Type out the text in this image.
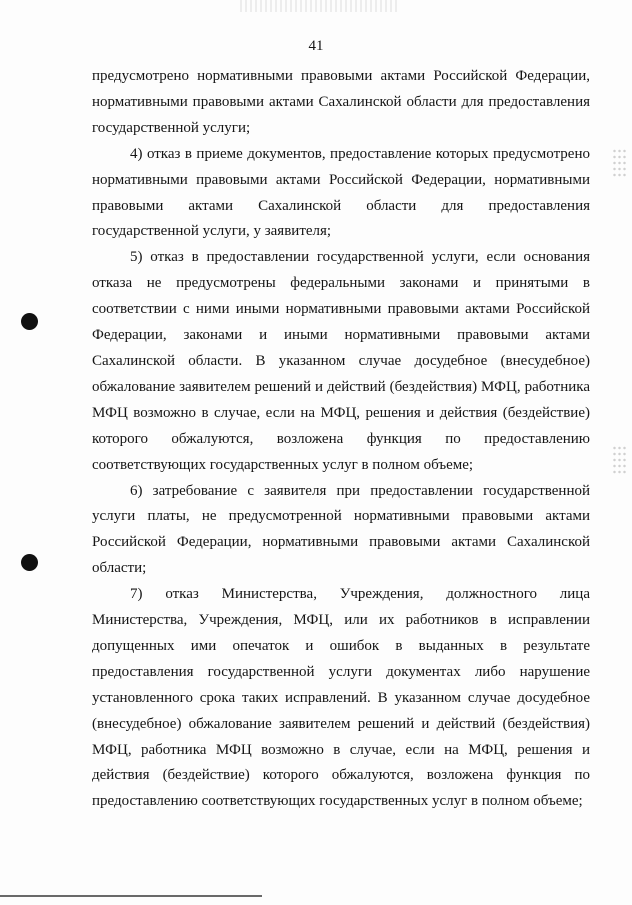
41

предусмотрено нормативными правовыми актами Российской Федерации, нормативными правовыми актами Сахалинской области для предоставления государственной услуги;

4) отказ в приеме документов, предоставление которых предусмотрено нормативными правовыми актами Российской Федерации, нормативными правовыми актами Сахалинской области для предоставления государственной услуги, у заявителя;

5) отказ в предоставлении государственной услуги, если основания отказа не предусмотрены федеральными законами и принятыми в соответствии с ними иными нормативными правовыми актами Российской Федерации, законами и иными нормативными правовыми актами Сахалинской области. В указанном случае досудебное (внесудебное) обжалование заявителем решений и действий (бездействия) МФЦ, работника МФЦ возможно в случае, если на МФЦ, решения и действия (бездействие) которого обжалуются, возложена функция по предоставлению соответствующих государственных услуг в полном объеме;

6) затребование с заявителя при предоставлении государственной услуги платы, не предусмотренной нормативными правовыми актами Российской Федерации, нормативными правовыми актами Сахалинской области;

7) отказ Министерства, Учреждения, должностного лица Министерства, Учреждения, МФЦ, или их работников в исправлении допущенных ими опечаток и ошибок в выданных в результате предоставления государственной услуги документах либо нарушение установленного срока таких исправлений. В указанном случае досудебное (внесудебное) обжалование заявителем решений и действий (бездействия) МФЦ, работника МФЦ возможно в случае, если на МФЦ, решения и действия (бездействие) которого обжалуются, возложена функция по предоставлению соответствующих государственных услуг в полном объеме;
